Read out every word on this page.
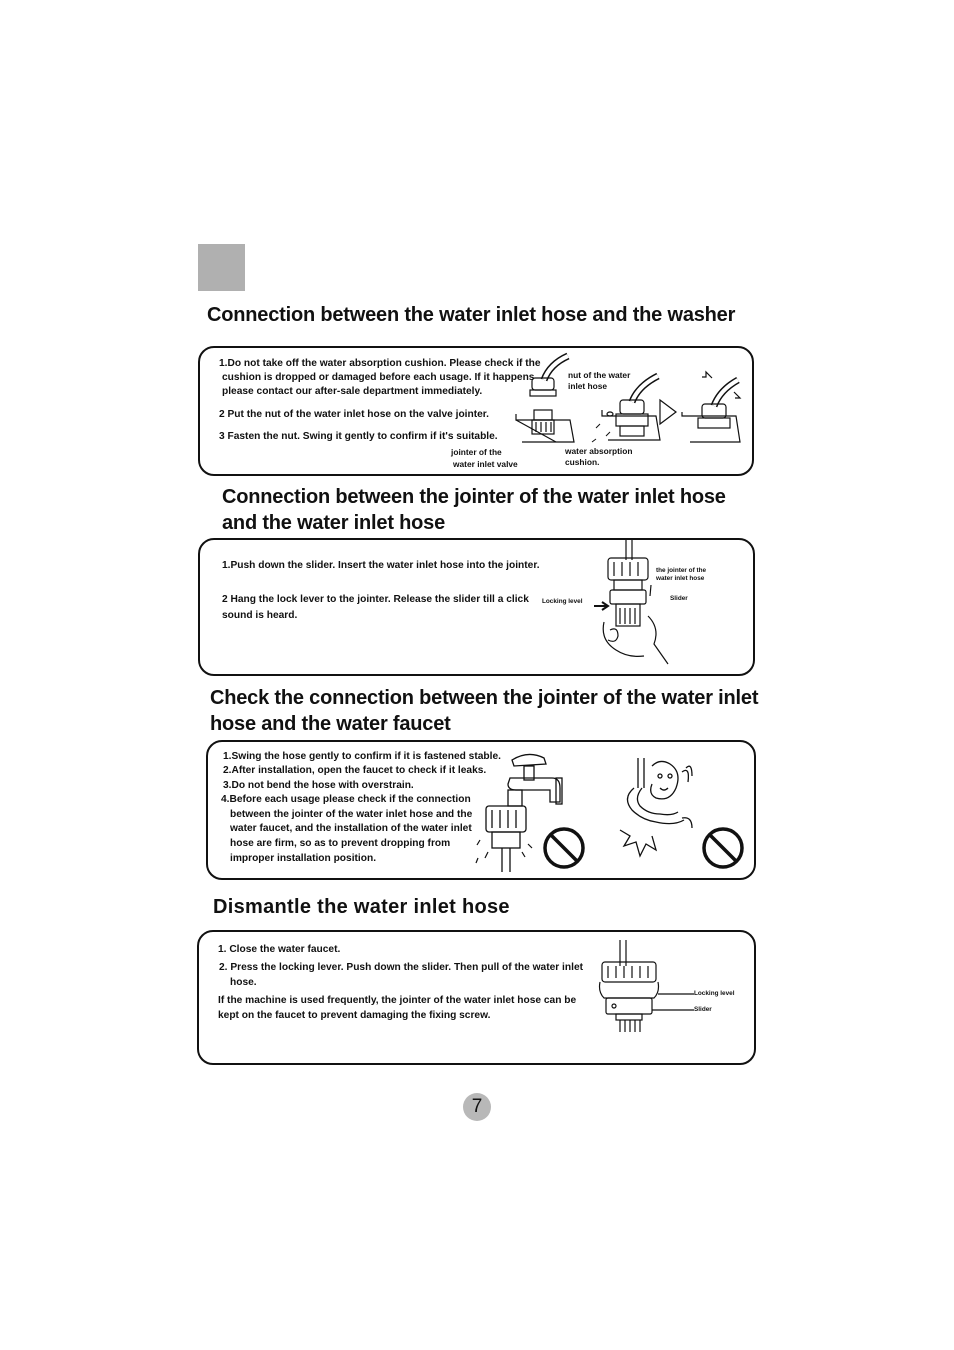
Connection between the water inlet hose and the washer

1.Do not take off the water absorption cushion. Please check if the

cushion is dropped or damaged before each usage. If it happens

please contact our after-sale department immediately.

2 Put the nut of the water inlet hose on the valve jointer.

3 Fasten the nut. Swing it gently to confirm if it's suitable.

nut of the water
inlet hose
jointer of the
water inlet valve
water absorption
cushion.
Connection between the jointer of the water inlet hose
and the water inlet hose

1.Push down the slider. Insert the water inlet hose into the jointer.

2 Hang the lock lever to the jointer. Release the slider till a click

sound is heard.

the jointer of the
water inlet hose
Locking level	Slider
Check the connection between the jointer of the water inlet
hose and the water faucet

1.Swing the hose gently to confirm if it is fastened stable.

2.After installation, open the faucet to check if it leaks.

3.Do not bend the hose with overstrain.

4.Before each usage please check if the connection

between the jointer of the water inlet hose and the

water faucet, and the installation of the water inlet

hose are firm, so as to prevent dropping from

improper installation position.

Dismantle the water inlet hose

1. Close the water faucet.

2. Press the locking lever. Push down the slider. Then pull of the water inlet

hose.

If the machine is used frequently, the jointer of the water inlet hose can be

kept on the faucet to prevent damaging the fixing screw.

Locking level
Slider
7
